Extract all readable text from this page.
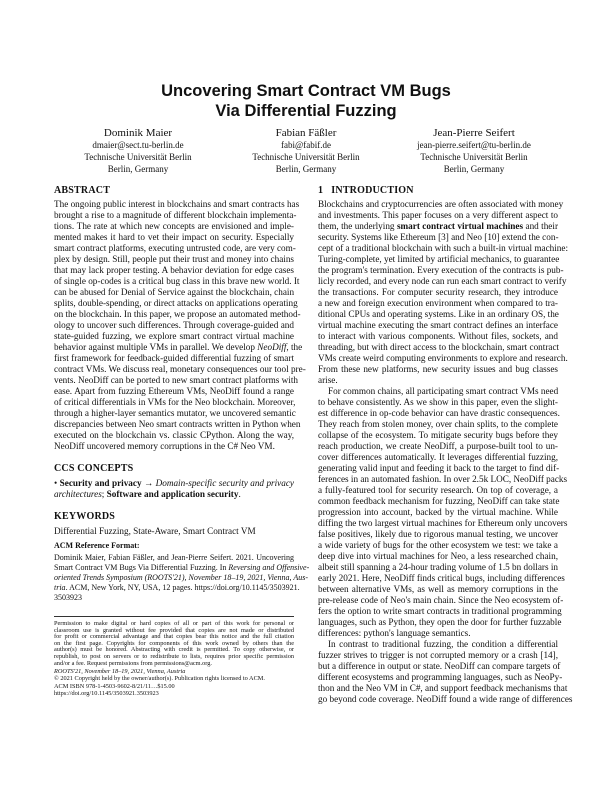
Uncovering Smart Contract VM Bugs
Via Differential Fuzzing
Dominik Maier
dmaier@sect.tu-berlin.de
Technische Universität Berlin
Berlin, Germany
Fabian Fäßler
fabi@fabif.de
Technische Universität Berlin
Berlin, Germany
Jean-Pierre Seifert
jean-pierre.seifert@tu-berlin.de
Technische Universität Berlin
Berlin, Germany
ABSTRACT
The ongoing public interest in blockchains and smart contracts has
brought a rise to a magnitude of different blockchain implementa-
tions. The rate at which new concepts are envisioned and imple-
mented makes it hard to vet their impact on security. Especially
smart contract platforms, executing untrusted code, are very com-
plex by design. Still, people put their trust and money into chains
that may lack proper testing. A behavior deviation for edge cases
of single op-codes is a critical bug class in this brave new world. It
can be abused for Denial of Service against the blockchain, chain
splits, double-spending, or direct attacks on applications operating
on the blockchain. In this paper, we propose an automated method-
ology to uncover such differences. Through coverage-guided and
state-guided fuzzing, we explore smart contract virtual machine
behavior against multiple VMs in parallel. We develop NeoDiff, the
first framework for feedback-guided differential fuzzing of smart
contract VMs. We discuss real, monetary consequences our tool pre-
vents. NeoDiff can be ported to new smart contract platforms with
ease. Apart from fuzzing Ethereum VMs, NeoDiff found a range
of critical differentials in VMs for the Neo blockchain. Moreover,
through a higher-layer semantics mutator, we uncovered semantic
discrepancies between Neo smart contracts written in Python when
executed on the blockchain vs. classic CPython. Along the way,
NeoDiff uncovered memory corruptions in the C# Neo VM.
CCS CONCEPTS
• Security and privacy → Domain-specific security and privacy
architectures; Software and application security.
KEYWORDS
Differential Fuzzing, State-Aware, Smart Contract VM
ACM Reference Format:
Dominik Maier, Fabian Fäßler, and Jean-Pierre Seifert. 2021. Uncovering
Smart Contract VM Bugs Via Differential Fuzzing. In Reversing and Offensive-
oriented Trends Symposium (ROOTS'21), November 18–19, 2021, Vienna, Aus-
tria. ACM, New York, NY, USA, 12 pages. https://doi.org/10.1145/3503921.
3503923
Permission to make digital or hard copies of all or part of this work for personal or
classroom use is granted without fee provided that copies are not made or distributed
for profit or commercial advantage and that copies bear this notice and the full citation
on the first page. Copyrights for components of this work owned by others than the
author(s) must be honored. Abstracting with credit is permitted. To copy otherwise, or
republish, to post on servers or to redistribute to lists, requires prior specific permission
and/or a fee. Request permissions from permissions@acm.org.
ROOTS'21, November 18–19, 2021, Vienna, Austria
© 2021 Copyright held by the owner/author(s). Publication rights licensed to ACM.
ACM ISBN 978-1-4503-9602-8/21/11…$15.00
https://doi.org/10.1145/3503921.3503923
1   INTRODUCTION
Blockchains and cryptocurrencies are often associated with money
and investments. This paper focuses on a very different aspect to
them, the underlying smart contract virtual machines and their
security. Systems like Ethereum [3] and Neo [10] extend the con-
cept of a traditional blockchain with such a built-in virtual machine:
Turing-complete, yet limited by artificial mechanics, to guarantee
the program's termination. Every execution of the contracts is pub-
licly recorded, and every node can run each smart contract to verify
the transactions. For computer security research, they introduce
a new and foreign execution environment when compared to tra-
ditional CPUs and operating systems. Like in an ordinary OS, the
virtual machine executing the smart contract defines an interface
to interact with various components. Without files, sockets, and
threading, but with direct access to the blockchain, smart contract
VMs create weird computing environments to explore and research.
From these new platforms, new security issues and bug classes
arise.
For common chains, all participating smart contract VMs need
to behave consistently. As we show in this paper, even the slight-
est difference in op-code behavior can have drastic consequences.
They reach from stolen money, over chain splits, to the complete
collapse of the ecosystem. To mitigate security bugs before they
reach production, we create NeoDiff, a purpose-built tool to un-
cover differences automatically. It leverages differential fuzzing,
generating valid input and feeding it back to the target to find dif-
ferences in an automated fashion. In over 2.5k LOC, NeoDiff packs
a fully-featured tool for security research. On top of coverage, a
common feedback mechanism for fuzzing, NeoDiff can take state
progression into account, backed by the virtual machine. While
diffing the two largest virtual machines for Ethereum only uncovers
false positives, likely due to rigorous manual testing, we uncover
a wide variety of bugs for the other ecosystem we test: we take a
deep dive into virtual machines for Neo, a less researched chain,
albeit still spanning a 24-hour trading volume of 1.5 bn dollars in
early 2021. Here, NeoDiff finds critical bugs, including differences
between alternative VMs, as well as memory corruptions in the
pre-release code of Neo's main chain. Since the Neo ecosystem of-
fers the option to write smart contracts in traditional programming
languages, such as Python, they open the door for further fuzzable
differences: python's language semantics.
In contrast to traditional fuzzing, the condition a differential
fuzzer strives to trigger is not corrupted memory or a crash [14],
but a difference in output or state. NeoDiff can compare targets of
different ecosystems and programming languages, such as NeoPy-
thon and the Neo VM in C#, and support feedback mechanisms that
go beyond code coverage. NeoDiff found a wide range of differences
